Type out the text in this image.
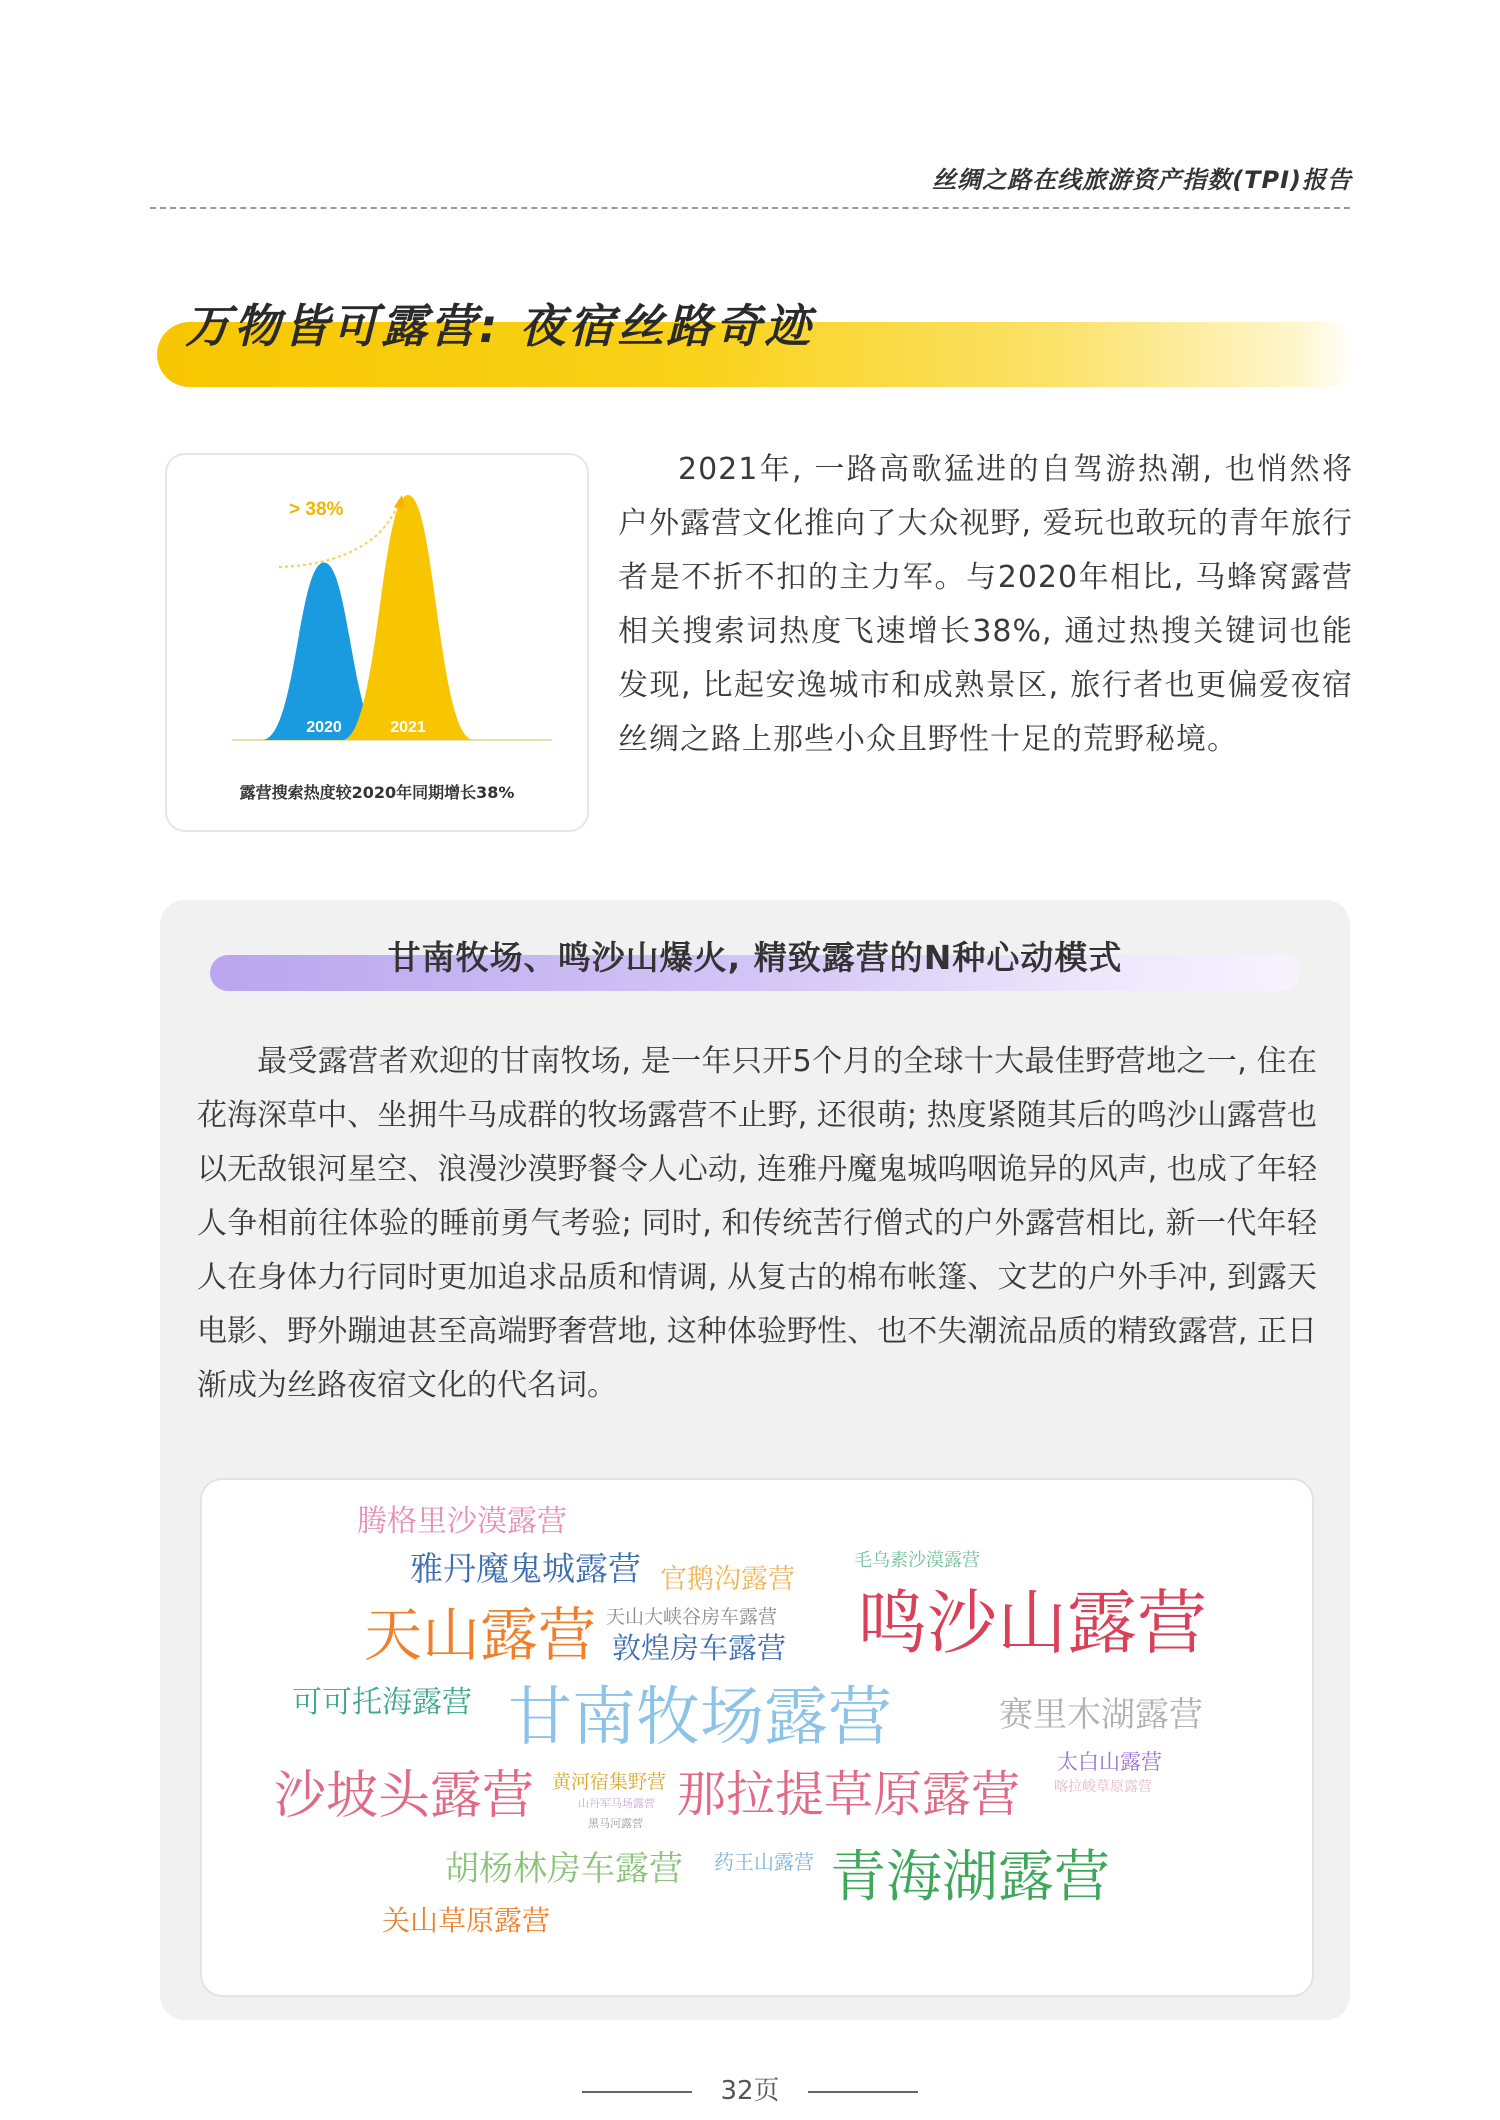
丝绸之路在线旅游资产指数(TPI)报告
万物皆可露营: 夜宿丝路奇迹
> 38%
2020	2021
露营搜索热度较2020年同期增长38%
2021年, 一路高歌猛进的自驾游热潮, 也悄然将户外露营文化推向了大众视野, 爱玩也敢玩的青年旅行者是不折不扣的主力军。与2020年相比, 马蜂窝露营相关搜索词热度飞速增长38%, 通过热搜关键词也能发现, 比起安逸城市和成熟景区, 旅行者也更偏爱夜宿丝绸之路上那些小众且野性十足的荒野秘境。
甘南牧场、鸣沙山爆火, 精致露营的N种心动模式
最受露营者欢迎的甘南牧场, 是一年只开5个月的全球十大最佳野营地之一, 住在花海深草中、坐拥牛马成群的牧场露营不止野, 还很萌; 热度紧随其后的鸣沙山露营也以无敌银河星空、浪漫沙漠野餐令人心动, 连雅丹魔鬼城呜咽诡异的风声, 也成了年轻人争相前往体验的睡前勇气考验; 同时, 和传统苦行僧式的户外露营相比, 新一代年轻人在身体力行同时更加追求品质和情调, 从复古的棉布帐篷、文艺的户外手冲, 到露天电影、野外蹦迪甚至高端野奢营地, 这种体验野性、也不失潮流品质的精致露营, 正日渐成为丝路夜宿文化的代名词。
腾格里沙漠露营
雅丹魔鬼城露营 官鹅沟露营
毛乌素沙漠露营
天山露营 天山大峡谷房车露营
敦煌房车露营 鸣沙山露营
可可托海露营 甘南牧场露营	赛里木湖露营
太白山露营
沙坡头露营 黄河宿集野营
山丹军马场露营
黑马河露营
那拉提草原露营 喀拉峻草原露营
胡杨林房车露营 药王山露营 青海湖露营
关山草原露营
32页
